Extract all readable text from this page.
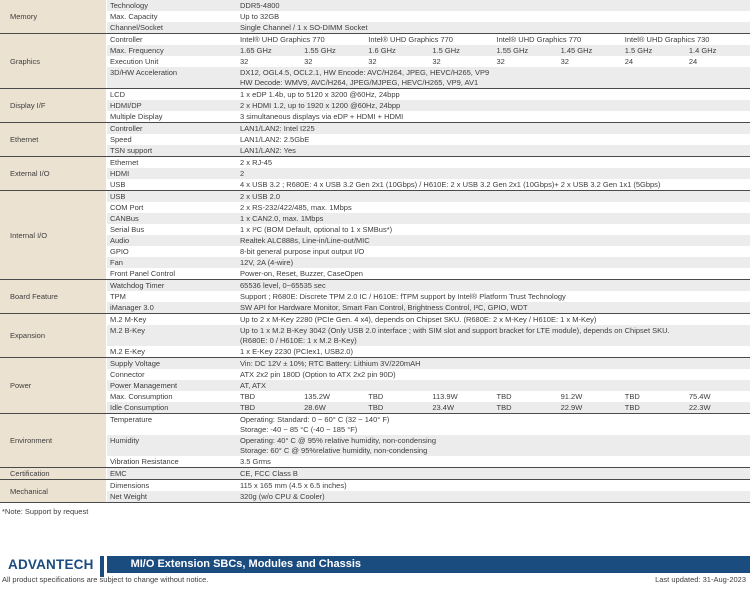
Memory
Technology	DDR5-4800
Max. Capacity	Up to 32GB
Channel/Socket	Single Channel / 1 x SO-DIMM Socket
Graphics
Controller	Intel® UHD Graphics 770	Intel® UHD Graphics 770	Intel® UHD Graphics 770	Intel® UHD Graphics 730
Max. Frequency	1.65 GHz	1.55 GHz	1.6 GHz	1.5 GHz	1.55 GHz	1.45 GHz	1.5 GHz	1.4 GHz
Execution Unit	32	32	32	32	32	32	24	24
3D/HW Acceleration	DX12, OGL4.5, OCL2.1, HW Encode: AVC/H264, JPEG, HEVC/H265, VP9
HW Decode: WMV9, AVC/H264, JPEG/MJPEG, HEVC/H265, VP9, AV1
Display I/F
LCD	1 x eDP 1.4b, up to 5120 x 3200 @60Hz, 24bpp
HDMI/DP	2 x HDMI 1.2, up to 1920 x 1200 @60Hz, 24bpp
Multiple Display	3 simultaneous displays via eDP + HDMI + HDMI
Ethernet
Controller	LAN1/LAN2: Intel I225
Speed	LAN1/LAN2: 2.5GbE
TSN support	LAN1/LAN2: Yes
External I/O
Ethernet	2 x RJ-45
HDMI	2
USB	4 x USB 3.2 ; R680E: 4 x USB 3.2 Gen 2x1 (10Gbps) / H610E: 2 x USB 3.2 Gen 2x1 (10Gbps)+ 2 x USB 3.2 Gen 1x1 (5Gbps)
Internal I/O
USB	2 x USB 2.0
COM Port	2 x RS-232/422/485, max. 1Mbps
CANBus	1 x CAN2.0, max. 1Mbps
Serial Bus	1 x I²C (BOM Default, optional to 1 x SMBus*)
Audio	Realtek ALC888s, Line-in/Line-out/MIC
GPIO	8-bit general purpose input output I/O
Fan	12V, 2A (4-wire)
Front Panel Control	Power-on, Reset, Buzzer, CaseOpen
Board Feature
Watchdog Timer	65536 level, 0~65535 sec
TPM	Support ; R680E: Discrete TPM 2.0 IC / H610E: fTPM support by Intel® Platform Trust Technology
iManager 3.0	SW API for Hardware Monitor, Smart Fan Control, Brightness Control, I²C, GPIO, WDT
Expansion
M.2 M-Key	Up to 2 x M-Key 2280 (PCIe Gen. 4 x4), depends on Chipset SKU. (R680E: 2 x M-Key / H610E: 1 x M-Key)
M.2 B-Key	Up to 1 x M.2 B-Key 3042 (Only USB 2.0 interface ; with SIM slot and support bracket for LTE module), depends on Chipset SKU.
(R680E: 0 / H610E: 1 x M.2 B-Key)
M.2 E-Key	1 x E-Key 2230 (PCIex1, USB2.0)
Power
Supply Voltage	Vin: DC 12V ± 10%; RTC Battery: Lithium 3V/220mAH
Connector	ATX 2x2 pin 180D (Option to ATX 2x2 pin 90D)
Power Management	AT, ATX
Max. Consumption	TBD	135.2W	TBD	113.9W	TBD	91.2W	TBD	75.4W
Idle Consumption	TBD	28.6W	TBD	23.4W	TBD	22.9W	TBD	22.3W
Environment
Temperature	Operating: Standard: 0 ~ 60° C (32 ~ 140° F)
Storage: -40 ~ 85 °C (-40 ~ 185 °F)
Humidity	Operating: 40° C @ 95% relative humidity, non-condensing
Storage: 60° C @ 95%relative humidity, non-condensing
Vibration Resistance	3.5 Grms
Certification	EMC	CE, FCC Class B
Mechanical
Dimensions	115 x 165 mm (4.5 x 6.5 inches)
Net Weight	320g (w/o CPU & Cooler)
*Note: Support by request
ADVANTECH	MI/O Extension SBCs, Modules and Chassis
All product specifications are subject to change without notice.	Last updated: 31-Aug-2023
